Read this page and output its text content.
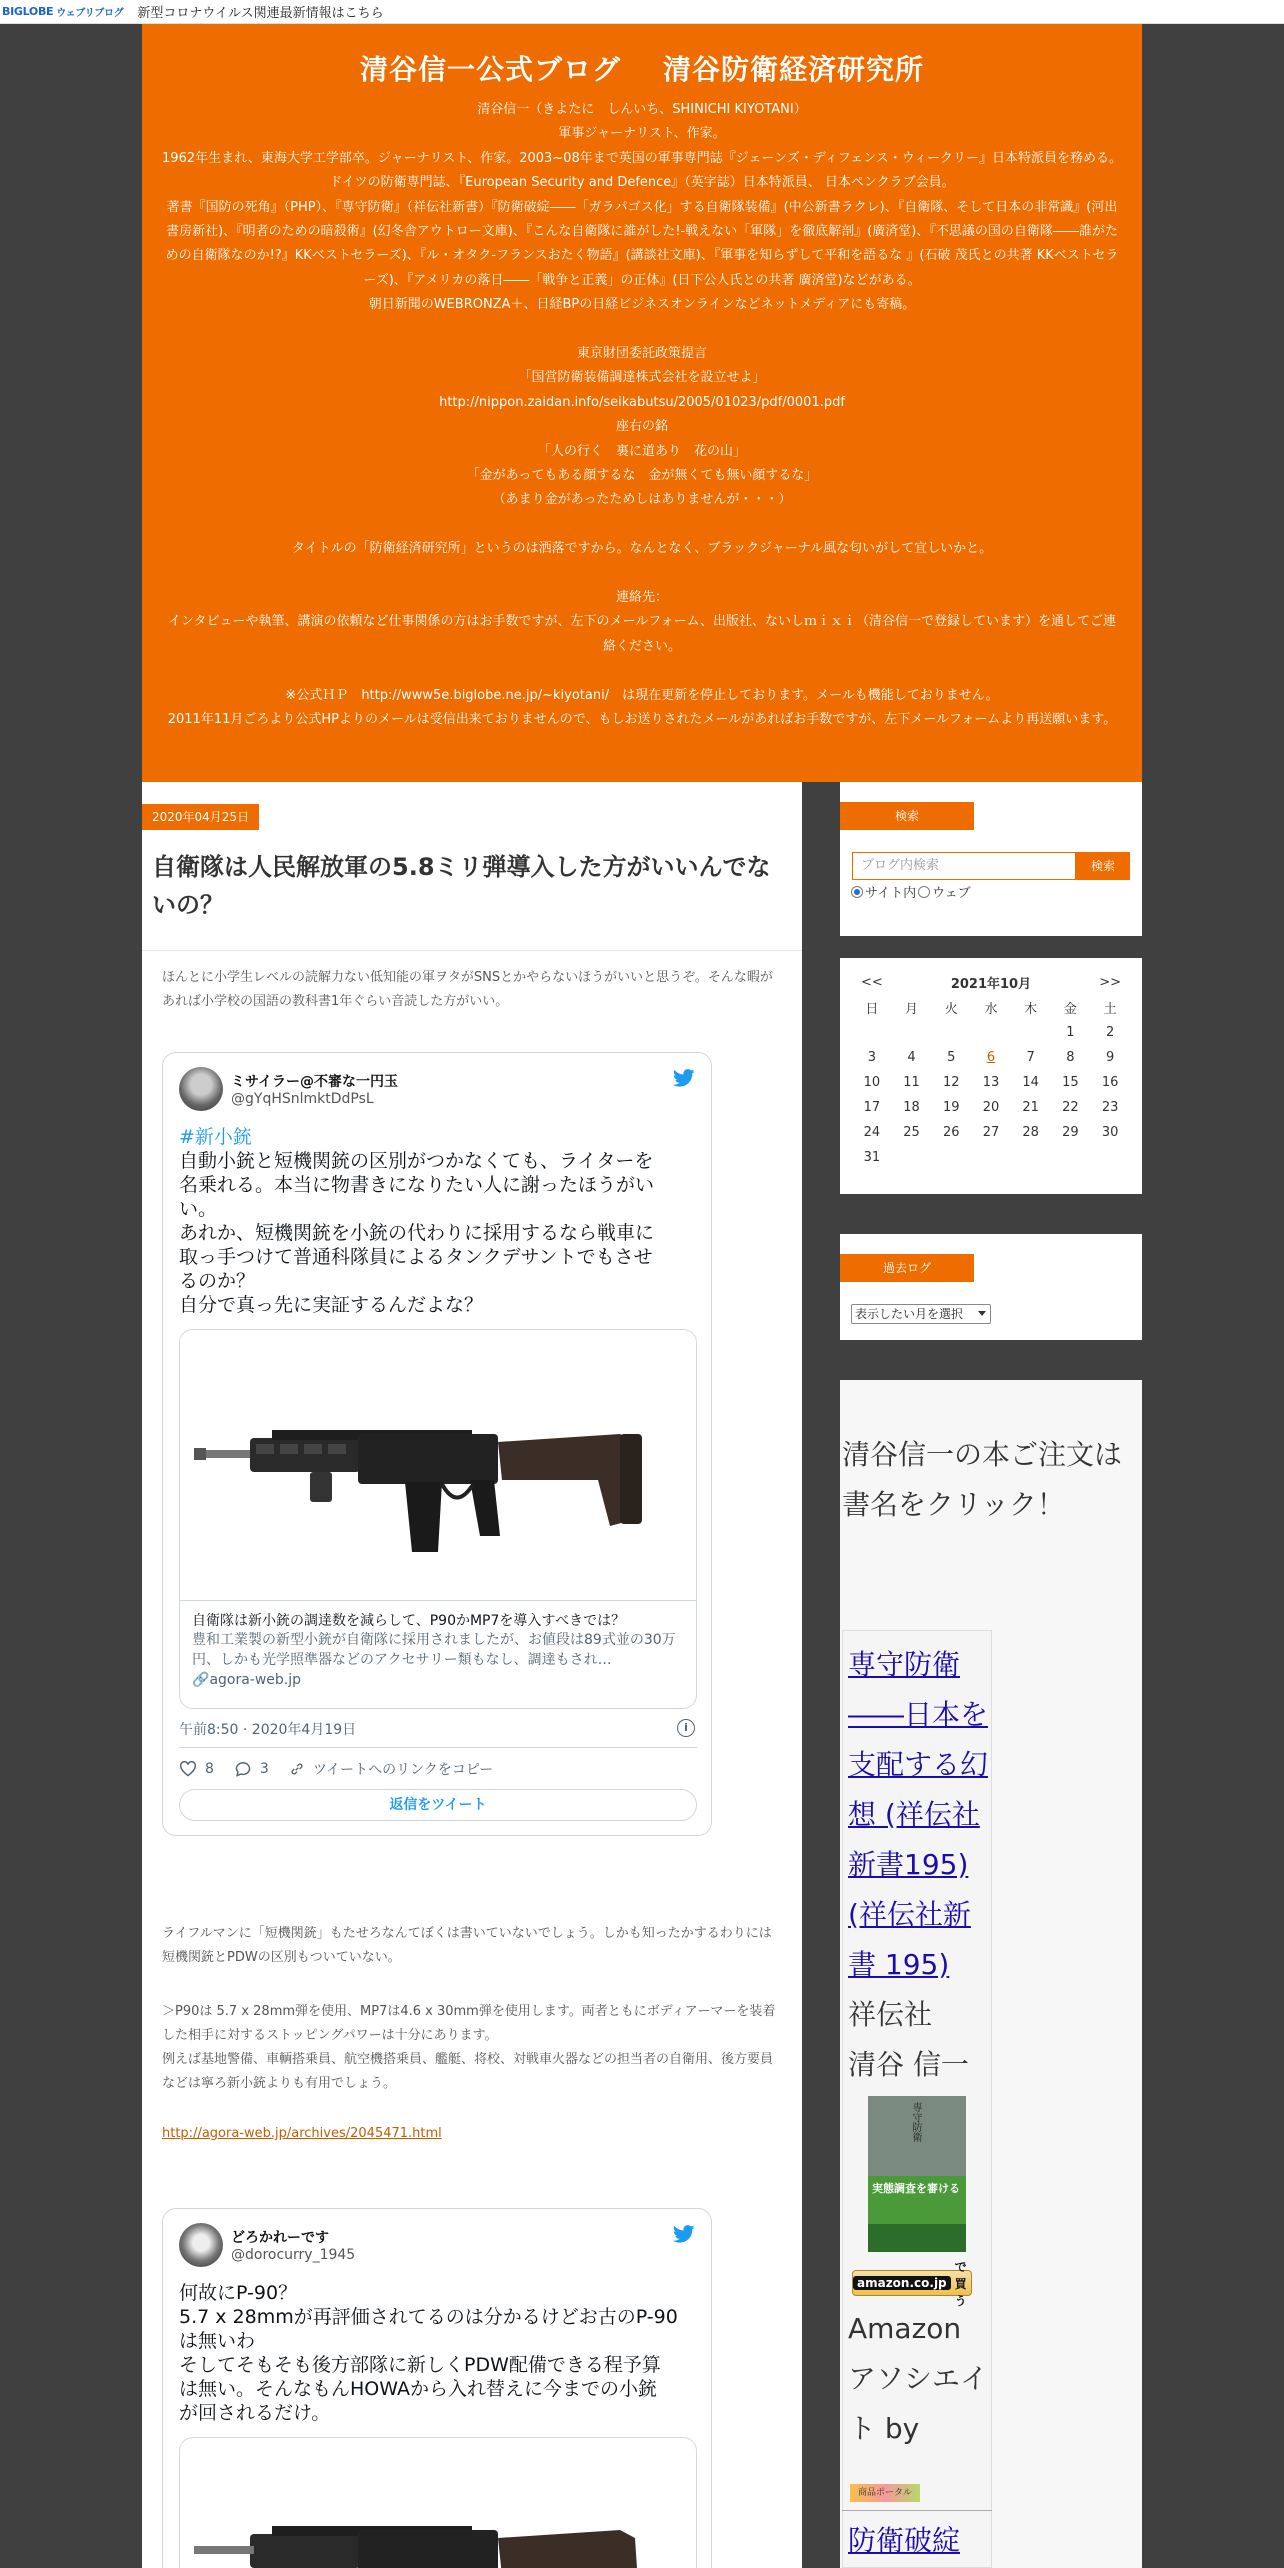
BIGLOBE ウェブリブログ 新型コロナウイルス関連最新情報はこちら
清谷信一公式ブログ 清谷防衛経済研究所

清谷信一（きよたに　しんいち、SHINICHI KIYOTANI）

軍事ジャーナリスト、作家。

1962年生まれ、東海大学工学部卒。ジャーナリスト、作家。2003~08年まで英国の軍事専門誌『ジェーンズ・ディフェンス・ウィークリー』日本特派員を務める。ドイツの防衛専門誌、『European Security and Defence』（英字誌）日本特派員、 日本ペンクラブ会員。

著書『国防の死角』（PHP）、『専守防衛』（祥伝社新書）『防衛破綻――「ガラパゴス化」する自衛隊装備』(中公新書ラクレ)、『自衛隊、そして日本の非常識』(河出書房新社)、『明者のための暗殺術』(幻冬舎アウトロー文庫)、『こんな自衛隊に誰がした!-戦えない「軍隊」を徹底解剖』(廣済堂)、『不思議の国の自衛隊――誰がための自衛隊なのか!?』KKベストセラーズ)、『ル・オタク-フランスおたく物語』(講談社文庫)、『軍事を知らずして平和を語るな 』(石破 茂氏との共著 KKベストセラーズ)、『アメリカの落日――「戦争と正義」の正体』(日下公人氏との共著 廣済堂)などがある。

朝日新聞のWEBRONZA＋、日経BPの日経ビジネスオンラインなどネットメディアにも寄稿。

東京財団委託政策提言

「国営防衛装備調達株式会社を設立せよ」

http://nippon.zaidan.info/seikabutsu/2005/01023/pdf/0001.pdf

座右の銘

「人の行く　裏に道あり　花の山」

「金があってもある顔するな　金が無くても無い顔するな」

（あまり金があったためしはありませんが・・・）

タイトルの「防衛経済研究所」というのは洒落ですから。なんとなく、ブラックジャーナル風な匂いがして宜しいかと。

連絡先：

インタビューや執筆、講演の依頼など仕事関係の方はお手数ですが、左下のメールフォーム、出版社、ないしｍｉｘｉ（清谷信一で登録しています）を通してご連絡ください。

※公式ＨＰ　http://www5e.biglobe.ne.jp/~kiyotani/　は現在更新を停止しております。メールも機能しておりません。

2011年11月ごろより公式HPよりのメールは受信出来ておりませんので、もしお送りされたメールがあればお手数ですが、左下メールフォームより再送願います。

2020年04月25日
自衛隊は人民解放軍の5.8ミリ弾導入した方がいいんでないの？
ほんとに小学生レベルの読解力ない低知能の軍ヲタがSNSとかやらないほうがいいと思うぞ。そんな暇があれば小学校の国語の教科書1年ぐらい音読した方がいい。
ミサイラー@不審な一円玉
@gYqHSnlmktDdPsL
#新小銃
自動小銃と短機関銃の区別がつかなくても、ライターを
名乗れる。本当に物書きになりたい人に謝ったほうがい
い。
あれか、短機関銃を小銃の代わりに採用するなら戦車に
取っ手つけて普通科隊員によるタンクデサントでもさせ
るのか？
自分で真っ先に実証するんだよな？
自衛隊は新小銃の調達数を減らして、P90かMP7を導入すべきでは？
豊和工業製の新型小銃が自衛隊に採用されましたが、お値段は89式並の30万円、しかも光学照準器などのアクセサリー類もなし、調達もされ…
🔗agora-web.jp
午前8:50 · 2020年4月19日	i
8	3	ツイートへのリンクをコピー
返信をツイート
ライフルマンに「短機関銃」もたせろなんてぼくは書いていないでしょう。しかも知ったかするわりには短機関銃とPDWの区別もついていない。
＞P90は 5.7 x 28mm弾を使用、MP7は4.6 x 30mm弾を使用します。両者ともにボディアーマーを装着した相手に対するストッピングパワーは十分にあります。
例えば基地警備、車輌搭乗員、航空機搭乗員、艦艇、将校、対戦車火器などの担当者の自衛用、後方要員などは寧ろ新小銃よりも有用でしょう。
http://agora-web.jp/archives/2045471.html
どろかれーです
@dorocurry_1945
何故にP-90？
5.7 x 28mmが再評価されてるのは分かるけどお古のP-90
は無いわ
そしてそもそも後方部隊に新しくPDW配備できる程予算
は無い。そんなもんHOWAから入れ替えに今までの小銃
が回されるだけ。
検索
ブログ内検索	検索
サイト内 ウェブ
<<	2021年10月					>>
日	月	火	水	木	金	土
					1	2
3	4	5	6	7	8	9
10	11	12	13	14	15	16
17	18	19	20	21	22	23
24	25	26	27	28	29	30
31						
過去ログ
表示したい月を選択
清谷信一の本ご注文は書名をクリック！
専守防衛――日本を支配する幻想 (祥伝社新書195) (祥伝社新書 195)
祥伝社
清谷 信一
専守防衛
実態調査を審ける
amazon.co.jp
で買う
Amazonアソシエイト by
商品ポータル
防衛破綻
